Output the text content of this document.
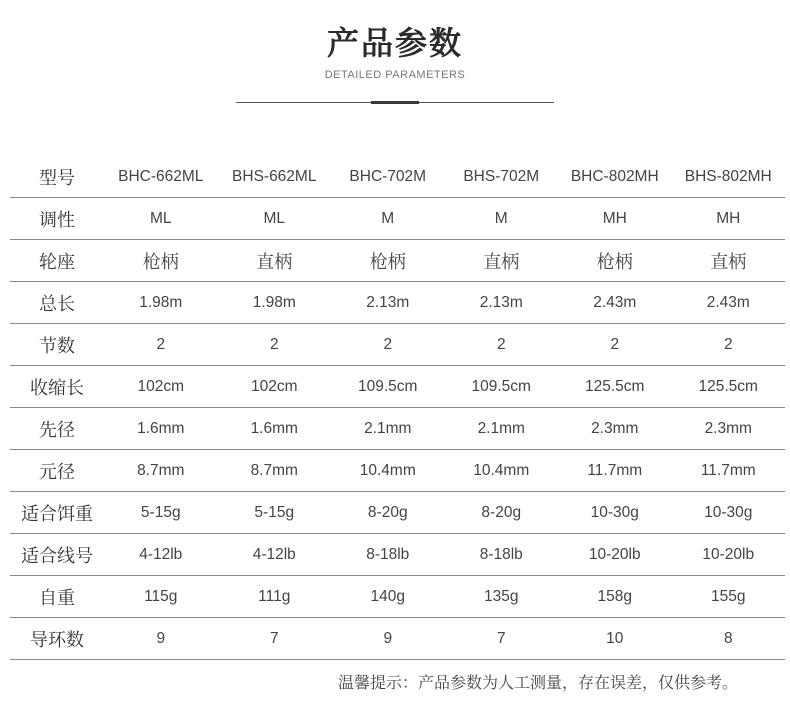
产品参数
DETAILED PARAMETERS
型号	BHC-662ML	BHS-662ML	BHC-702M	BHS-702M	BHC-802MH	BHS-802MH
调性	ML	ML	M	M	MH	MH
轮座	枪柄	直柄	枪柄	直柄	枪柄	直柄
总长	1.98m	1.98m	2.13m	2.13m	2.43m	2.43m
节数	2	2	2	2	2	2
收缩长	102cm	102cm	109.5cm	109.5cm	125.5cm	125.5cm
先径	1.6mm	1.6mm	2.1mm	2.1mm	2.3mm	2.3mm
元径	8.7mm	8.7mm	10.4mm	10.4mm	11.7mm	11.7mm
适合饵重	5-15g	5-15g	8-20g	8-20g	10-30g	10-30g
适合线号	4-12lb	4-12lb	8-18lb	8-18lb	10-20lb	10-20lb
自重	115g	111g	140g	135g	158g	155g
导环数	9	7	9	7	10	8
温馨提示：产品参数为人工测量，存在误差，仅供参考。
